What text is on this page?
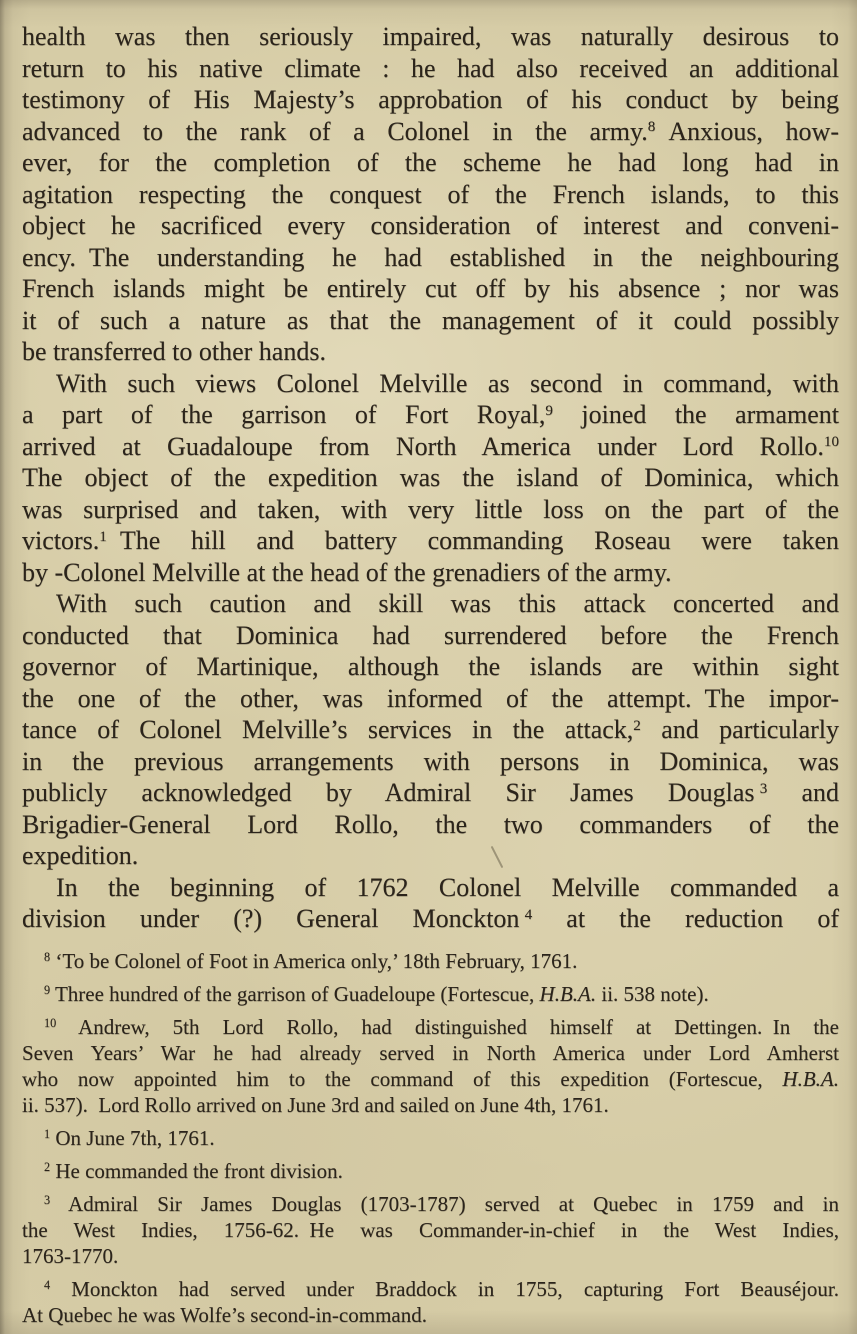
health was then seriously impaired, was naturally desirous to
return to his native climate : he had also received an additional
testimony of His Majesty’s approbation of his conduct by being
advanced to the rank of a Colonel in the army.$^8$ Anxious, how-
ever, for the completion of the scheme he had long had in
agitation respecting the conquest of the French islands, to this
object he sacrificed every consideration of interest and conveni-
ency. The understanding he had established in the neighbouring
French islands might be entirely cut off by his absence ; nor was
it of such a nature as that the management of it could possibly
be transferred to other hands.
With such views Colonel Melville as second in command, with
a part of the garrison of Fort Royal,$^9$ joined the armament
arrived at Guadaloupe from North America under Lord Rollo.$^{10}$
The object of the expedition was the island of Dominica, which
was surprised and taken, with very little loss on the part of the
victors.$^1$ The hill and battery commanding Roseau were taken
by -Colonel Melville at the head of the grenadiers of the army.
With such caution and skill was this attack concerted and
conducted that Dominica had surrendered before the French
governor of Martinique, although the islands are within sight
the one of the other, was informed of the attempt. The impor-
tance of Colonel Melville’s services in the attack,$^2$ and particularly
in the previous arrangements with persons in Dominica, was
publicly acknowledged by Admiral Sir James Douglas $^3$ and
Brigadier-General Lord Rollo, the two commanders of the
expedition.
In the beginning of 1762 Colonel Melville commanded a
division under (?) General Monckton $^4$ at the reduction of
$^8$ ‘To be Colonel of Foot in America only,’ 18th February, 1761.
$^9$ Three hundred of the garrison of Guadeloupe (Fortescue, H.B.A. ii. 538 note).
$^{10}$ Andrew, 5th Lord Rollo, had distinguished himself at Dettingen. In the
Seven Years’ War he had already served in North America under Lord Amherst
who now appointed him to the command of this expedition (Fortescue, H.B.A.
ii. 537). Lord Rollo arrived on June 3rd and sailed on June 4th, 1761.
$^1$ On June 7th, 1761.
$^2$ He commanded the front division.
$^3$ Admiral Sir James Douglas (1703-1787) served at Quebec in 1759 and in
the West Indies, 1756-62. He was Commander-in-chief in the West Indies,
1763-1770.
$^4$ Monckton had served under Braddock in 1755, capturing Fort Beauséjour.
At Quebec he was Wolfe’s second-in-command.
